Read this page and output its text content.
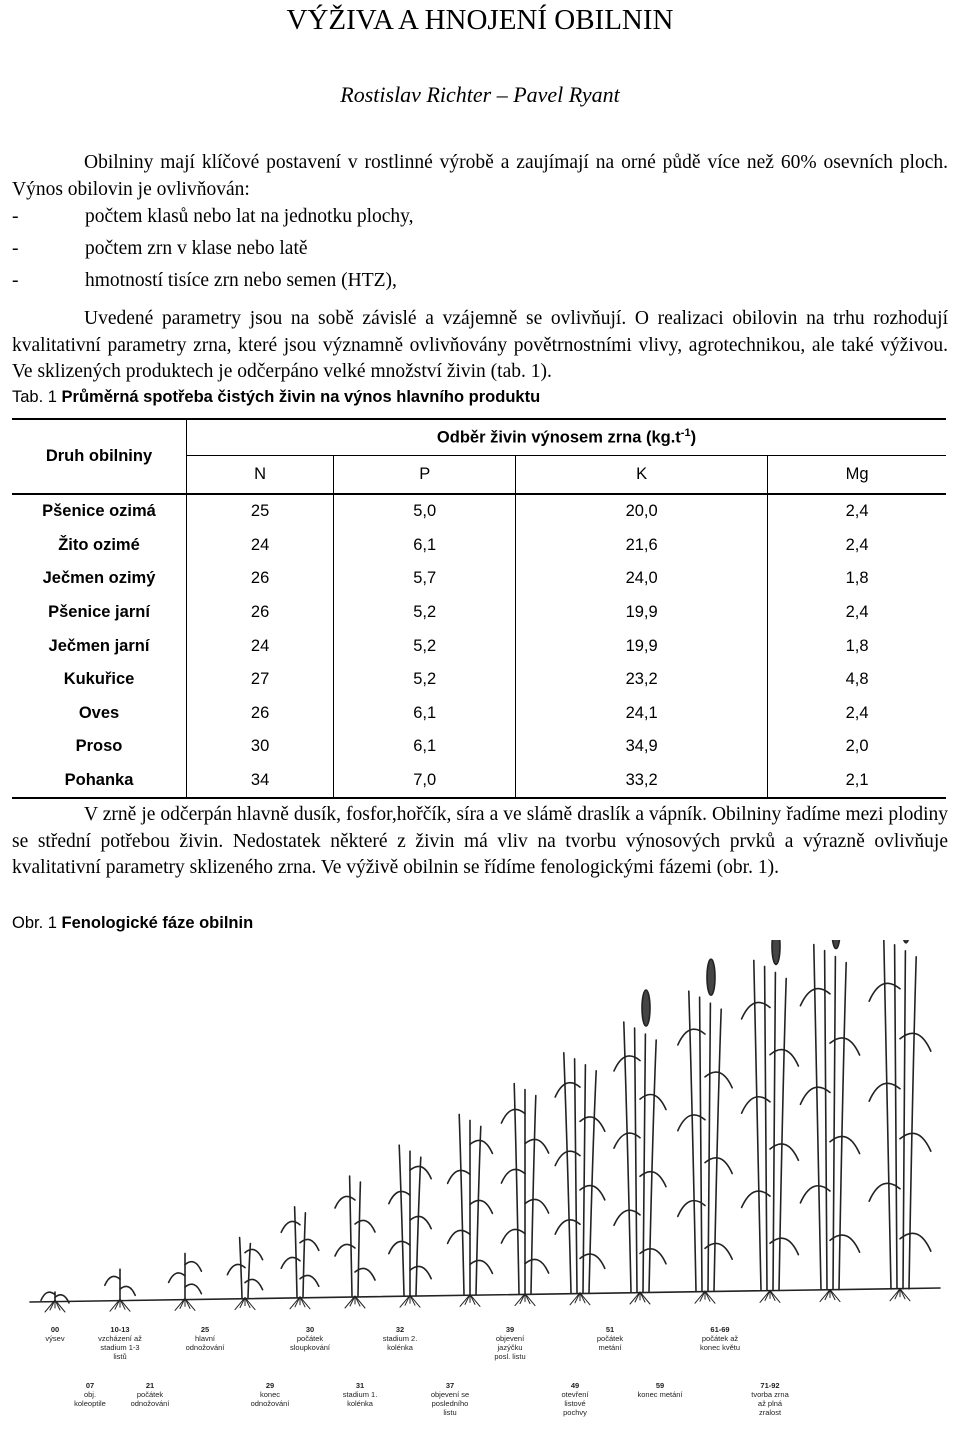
VÝŽIVA A HNOJENÍ OBILNIN
Rostislav Richter – Pavel Ryant
Obilniny mají klíčové postavení v rostlinné výrobě a zaujímají na orné půdě více než 60% osevních ploch. Výnos obilovin je ovlivňován:
-	počtem klasů nebo lat na jednotku plochy,
-	počtem zrn v klase nebo latě
-	hmotností tisíce zrn nebo semen (HTZ),
Uvedené parametry jsou na sobě závislé a vzájemně se ovlivňují. O realizaci obilovin na trhu rozhodují kvalitativní parametry zrna, které jsou významně ovlivňovány povětrnostními vlivy, agrotechnikou, ale také výživou. Ve sklizených produktech je odčerpáno velké množství živin (tab. 1).
Tab. 1 Průměrná spotřeba čistých živin na výnos hlavního produktu
Druh obilniny	Odběr živin výnosem zrna $(kg.t^{-1})$			
	N	P	K	Mg
Pšenice ozimá	25	5,0	20,0	2,4
Žito ozimé	24	6,1	21,6	2,4
Ječmen ozimý	26	5,7	24,0	1,8
Pšenice jarní	26	5,2	19,9	2,4
Ječmen jarní	24	5,2	19,9	1,8
Kukuřice	27	5,2	23,2	4,8
Oves	26	6,1	24,1	2,4
Proso	30	6,1	34,9	2,0
Pohanka	34	7,0	33,2	2,1
V zrně je odčerpán hlavně dusík, fosfor,hořčík, síra a ve slámě draslík a vápník. Obilniny řadíme mezi plodiny se střední potřebou živin. Nedostatek některé z živin má vliv na tvorbu výnosových prvků a výrazně ovlivňuje kvalitativní parametry sklizeného zrna. Ve výživě obilnin se řídíme fenologickými fázemi (obr. 1).
Obr. 1 Fenologické fáze obilnin
00 výsev
10-13 vzcházení až stadium 1-3 listů
25 hlavní odnožování
30 počátek sloupkování
32 stadium 2. kolénka
39 objevení jazýčku posl. listu
51 počátek metání
61-69 počátek až konec květu
07 obj. koleoptile
21 počátek odnožování
29 konec odnožování
31 stadium 1. kolénka
37 objevení se posledního listu
49 otevření listové pochvy
59 konec metání
71-92 tvorba zrna až plná zralost
